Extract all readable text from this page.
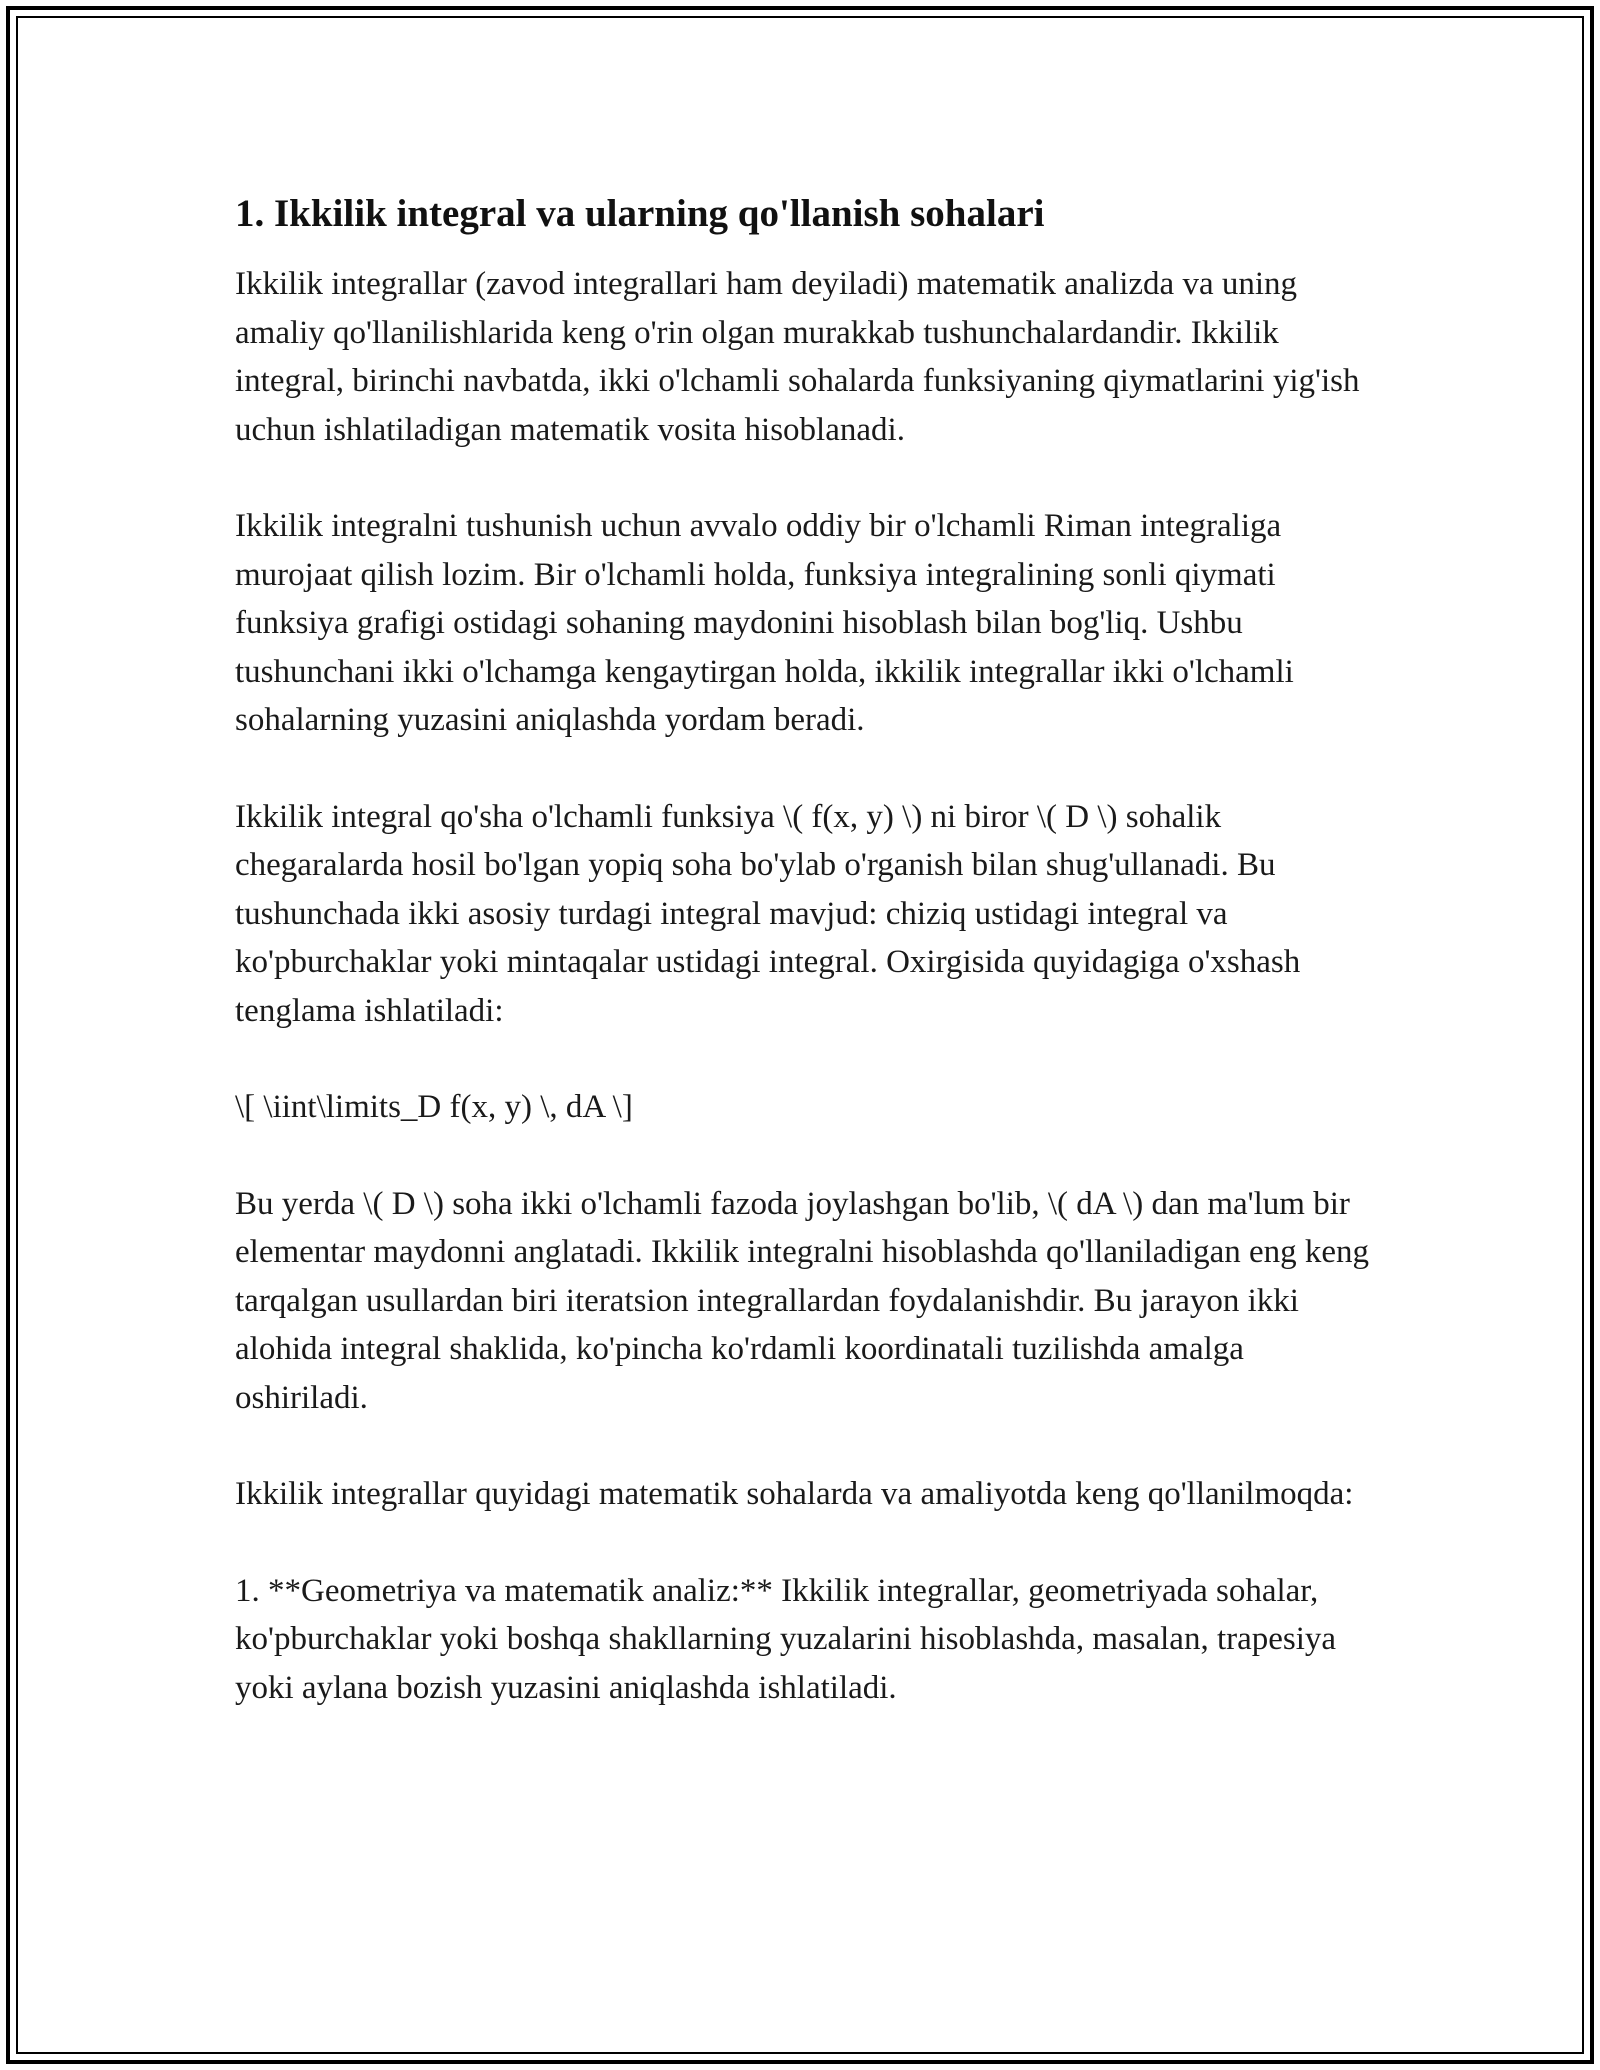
1. Ikkilik integral va ularning qo'llanish sohalari

Ikkilik integrallar (zavod integrallari ham deyiladi) matematik analizda va uning amaliy qo'llanilishlarida keng o'rin olgan murakkab tushunchalardandir. Ikkilik integral, birinchi navbatda, ikki o'lchamli sohalarda funksiyaning qiymatlarini yig'ish uchun ishlatiladigan matematik vosita hisoblanadi.

Ikkilik integralni tushunish uchun avvalo oddiy bir o'lchamli Riman integraliga murojaat qilish lozim. Bir o'lchamli holda, funksiya integralining sonli qiymati funksiya grafigi ostidagi sohaning maydonini hisoblash bilan bog'liq. Ushbu tushunchani ikki o'lchamga kengaytirgan holda, ikkilik integrallar ikki o'lchamli sohalarning yuzasini aniqlashda yordam beradi.

Ikkilik integral qo'sha o'lchamli funksiya \( f(x, y) \) ni biror \( D \) sohalik chegaralarda hosil bo'lgan yopiq soha bo'ylab o'rganish bilan shug'ullanadi. Bu tushunchada ikki asosiy turdagi integral mavjud: chiziq ustidagi integral va ko'pburchaklar yoki mintaqalar ustidagi integral. Oxirgisida quyidagiga o'xshash tenglama ishlatiladi:

\[ \iint\limits_D f(x, y) \, dA \]

Bu yerda \( D \) soha ikki o'lchamli fazoda joylashgan bo'lib, \( dA \) dan ma'lum bir elementar maydonni anglatadi. Ikkilik integralni hisoblashda qo'llaniladigan eng keng tarqalgan usullardan biri iteratsion integrallardan foydalanishdir. Bu jarayon ikki alohida integral shaklida, ko'pincha ko'rdamli koordinatali tuzilishda amalga oshiriladi.

Ikkilik integrallar quyidagi matematik sohalarda va amaliyotda keng qo'llanilmoqda:

1. **Geometriya va matematik analiz:** Ikkilik integrallar, geometriyada sohalar, ko'pburchaklar yoki boshqa shakllarning yuzalarini hisoblashda, masalan, trapesiya yoki aylana bozish yuzasini aniqlashda ishlatiladi.
